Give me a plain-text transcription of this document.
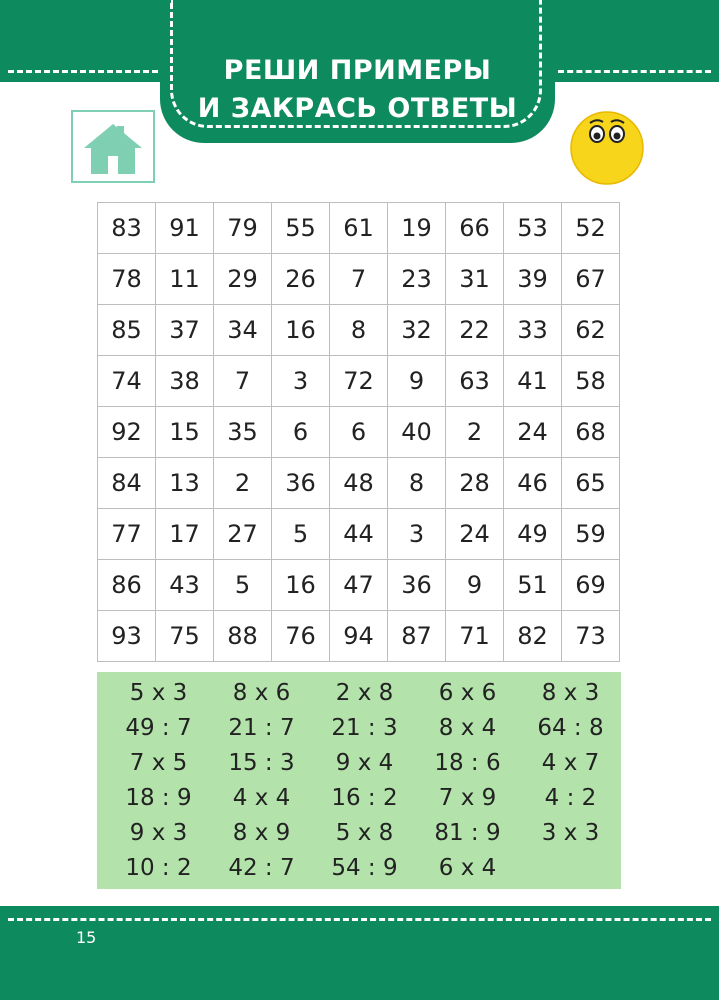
РЕШИ ПРИМЕРЫ
И ЗАКРАСЬ ОТВЕТЫ
83	91	79	55	61	19	66	53	52
78	11	29	26	7	23	31	39	67
85	37	34	16	8	32	22	33	62
74	38	7	3	72	9	63	41	58
92	15	35	6	6	40	2	24	68
84	13	2	36	48	8	28	46	65
77	17	27	5	44	3	24	49	59
86	43	5	16	47	36	9	51	69
93	75	88	76	94	87	71	82	73
5 x 3	8 x 6	2 x 8	6 x 6	8 x 3
49 : 7	21 : 7	21 : 3	8 x 4	64 : 8
7 x 5	15 : 3	9 x 4	18 : 6	4 x 7
18 : 9	4 x 4	16 : 2	7 x 9	4 : 2
9 x 3	8 x 9	5 x 8	81 : 9	3 x 3
10 : 2	42 : 7	54 : 9	6 x 4
15
